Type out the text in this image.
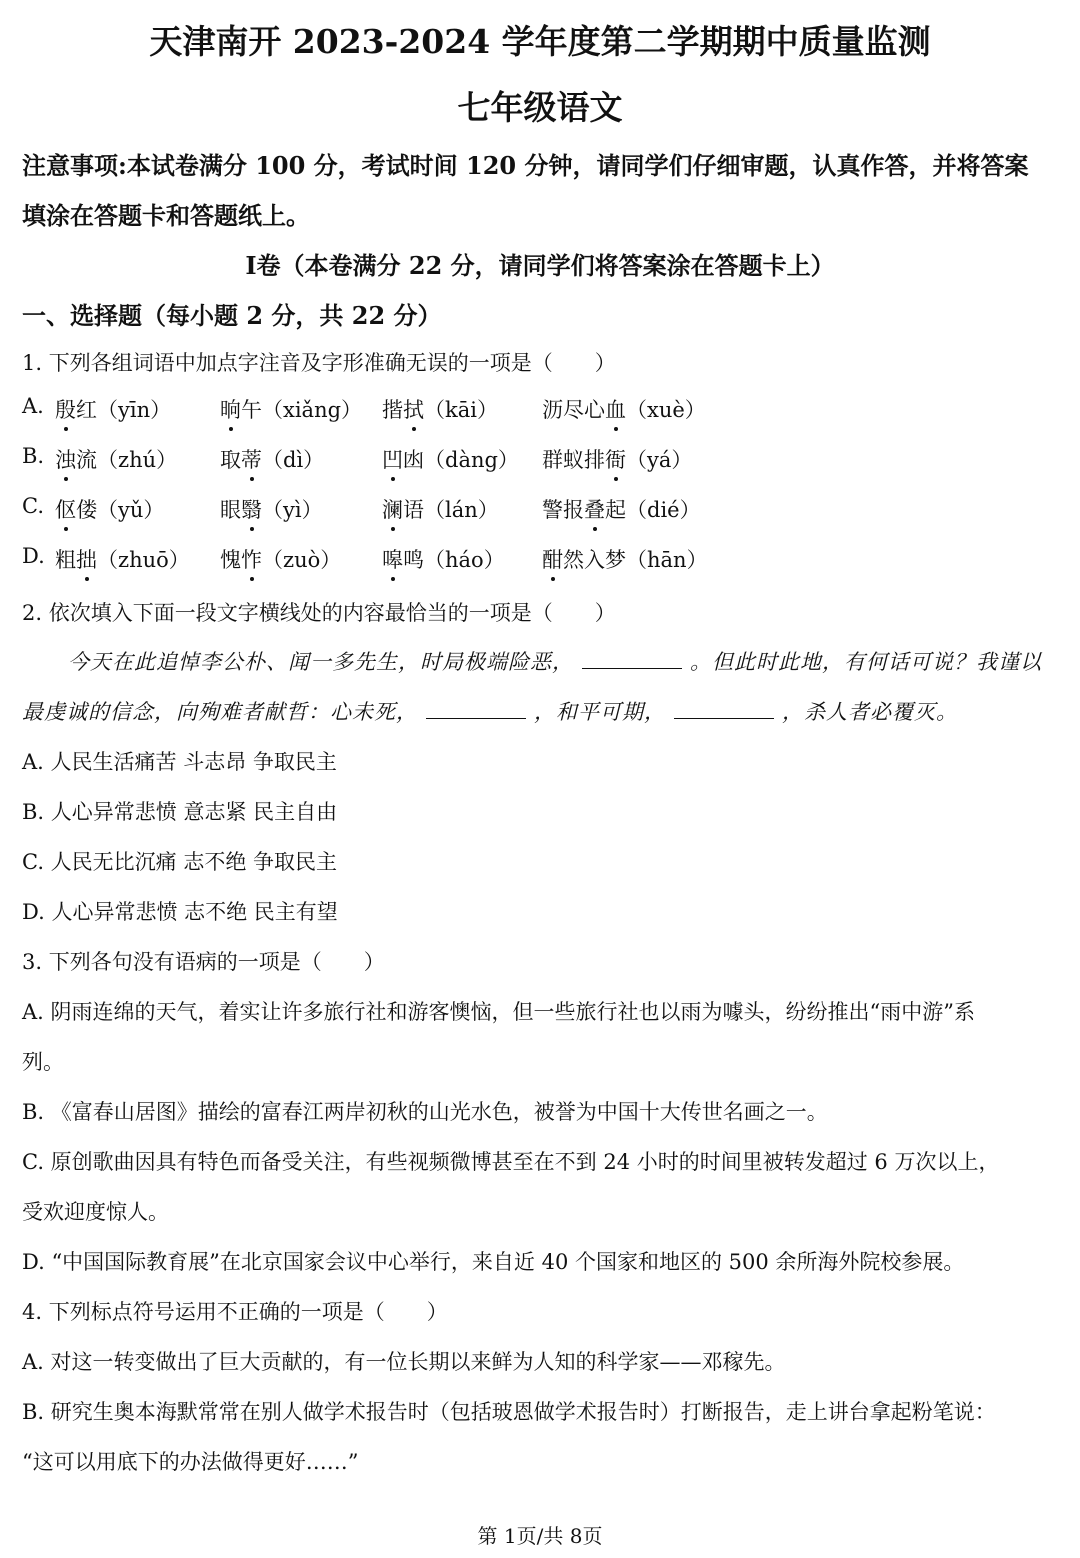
天津南开 2023-2024 学年度第二学期期中质量监测
七年级语文
注意事项:本试卷满分 100 分，考试时间 120 分钟，请同学们仔细审题，认真作答，并将答案
填涂在答题卡和答题纸上。
Ⅰ卷（本卷满分 22 分，请同学们将答案涂在答题卡上）
一、选择题（每小题 2 分，共 22 分）
1. 下列各组词语中加点字注音及字形准确无误的一项是（　　）
A. 殷红（yīn） 晌午（xiǎng） 揩拭（kāi） 沥尽心血（xuè）
B. 浊流（zhú） 取蒂（dì）	凹凼（dàng） 群蚁排衙（yá）
C. 伛偻（yǔ）	眼翳（yì）	澜语（lán） 警报叠起（dié）
D. 粗拙（zhuō） 愧怍（zuò） 嗥鸣（háo） 酣然入梦（hān）
2. 依次填入下面一段文字横线处的内容最恰当的一项是（　　）
今天在此追悼李公朴、闻一多先生，时局极端险恶，	。但此时此地，有何话可说？我谨以
最虔诚的信念，向殉难者献哲：心未死，	，和平可期，	，杀人者必覆灭。
A. 人民生活痛苦 斗志昂 争取民主
B. 人心异常悲愤 意志紧 民主自由
C. 人民无比沉痛 志不绝 争取民主
D. 人心异常悲愤 志不绝 民主有望
3. 下列各句没有语病的一项是（　　）
A. 阴雨连绵的天气，着实让许多旅行社和游客懊恼，但一些旅行社也以雨为噱头，纷纷推出“雨中游”系
列。
B. 《富春山居图》描绘的富春江两岸初秋的山光水色，被誉为中国十大传世名画之一。
C. 原创歌曲因具有特色而备受关注，有些视频微博甚至在不到 24 小时的时间里被转发超过 6 万次以上，
受欢迎度惊人。
D. “中国国际教育展”在北京国家会议中心举行，来自近 40 个国家和地区的 500 余所海外院校参展。
4. 下列标点符号运用不正确的一项是（　　）
A. 对这一转变做出了巨大贡献的，有一位长期以来鲜为人知的科学家——邓稼先。
B. 研究生奥本海默常常在别人做学术报告时（包括玻恩做学术报告时）打断报告，走上讲台拿起粉笔说：
“这可以用底下的办法做得更好……”
第 1页/共 8页
